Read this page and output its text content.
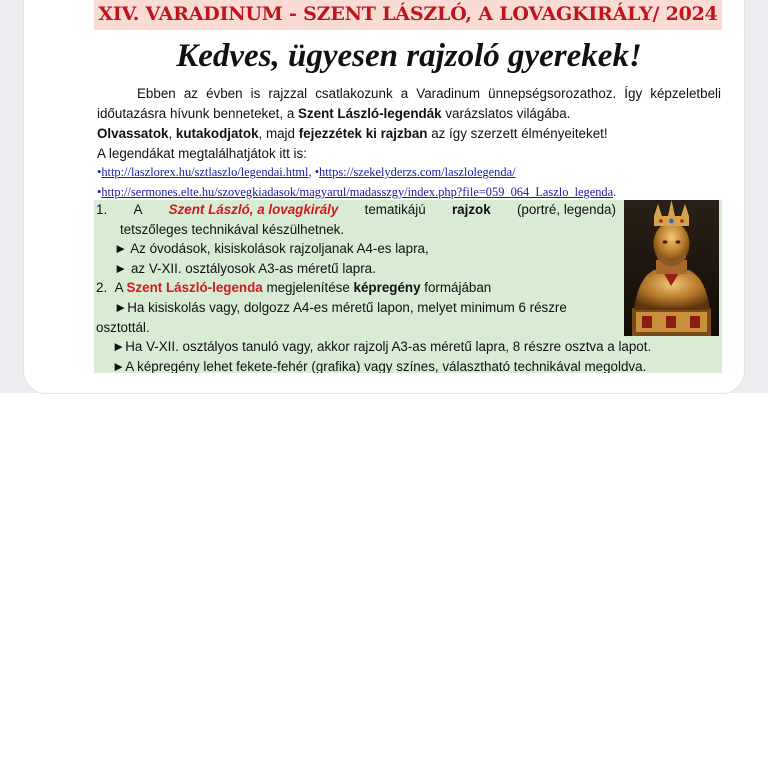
XIV. VARADINUM - SZENT LÁSZLÓ, A LOVAGKIRÁLY/ 2024
Kedves, ügyesen rajzoló gyerekek!

Ebben az évben is rajzzal csatlakozunk a Varadinum ünnepségsorozathoz. Így képzeletbeli időutazásra hívunk benneteket, a Szent László-legendák varázslatos világába.

Olvassatok, kutakodjatok, majd fejezzétek ki rajzban az így szerzett élményeiteket!

A legendákat megtalálhatjátok itt is:

•http://laszlorex.hu/sztlaszlo/legendai.html, •https://szekelyderzs.com/laszlolegenda/
•http://sermones.elte.hu/szovegkiadasok/magyarul/madasszgy/index.php?file=059_064_Laszlo_legenda.
1. A Szent László, a lovagkirály tematikájú rajzok (portré, legenda)
tetszőleges technikával készülhetnek.
► Az óvodások, kisiskolások rajzoljanak A4-es lapra,
► az V-XII. osztályosok A3-as méretű lapra.
2. A Szent László-legenda megjelenítése képregény formájában
►Ha kisiskolás vagy, dolgozz A4-es méretű lapon, melyet minimum 6 részre
osztottál.
►Ha V-XII. osztályos tanuló vagy, akkor rajzolj A3-as méretű lapra, 8 részre osztva a lapot.
►A képregény lehet fekete-fehér (grafika) vagy színes, választható technikával megoldva.
